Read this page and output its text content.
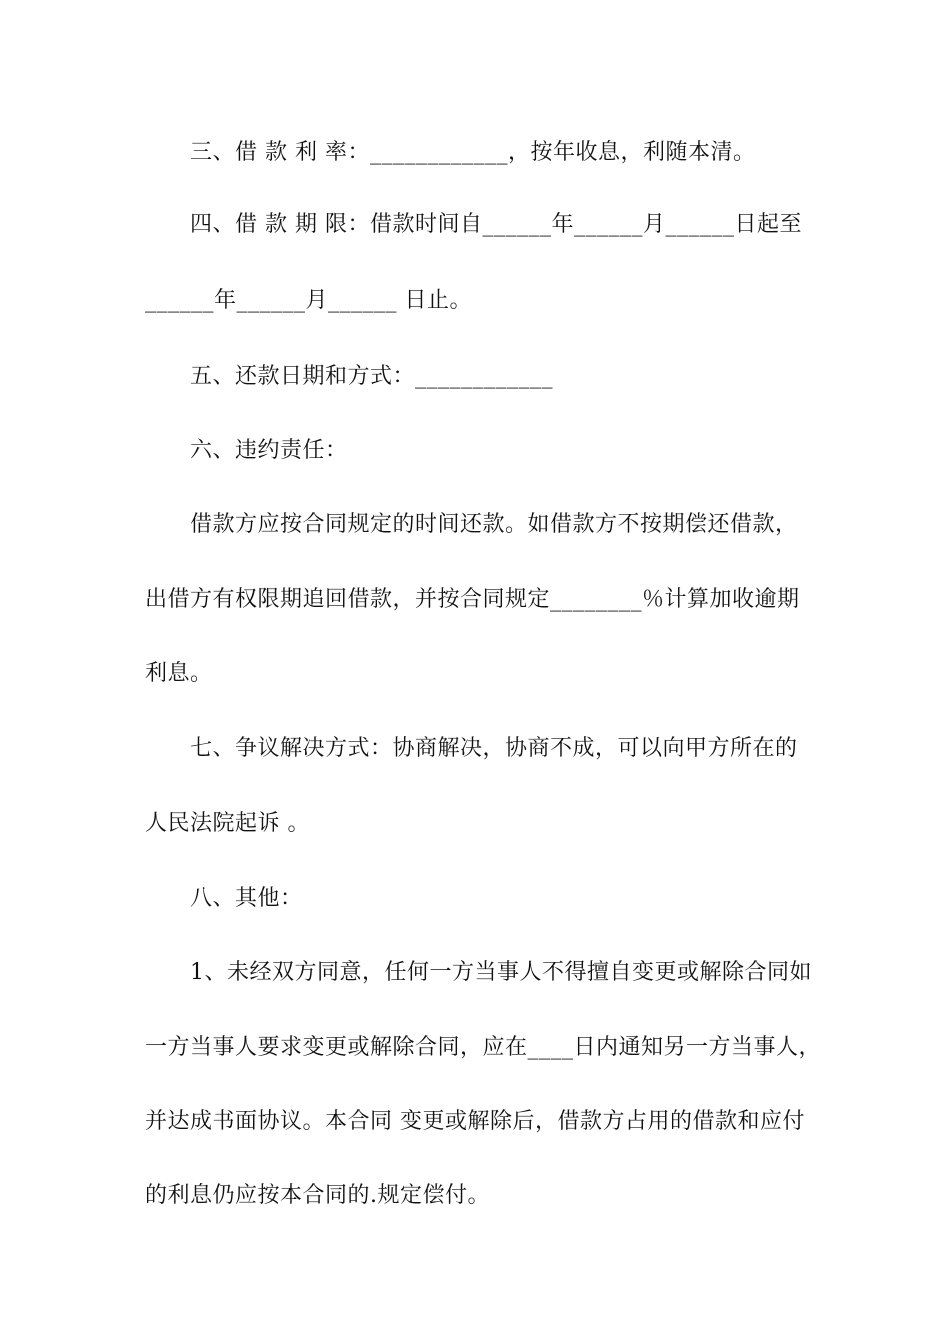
三、借 款 利 率：____________，按年收息，利随本清。
四、借 款 期 限：借款时间自______年______月______日起至
______年______月______ 日止。
五、还款日期和方式：____________
六、违约责任：
借款方应按合同规定的时间还款。如借款方不按期偿还借款，
出借方有权限期追回借款，并按合同规定________％计算加收逾期
利息。
七、争议解决方式：协商解决，协商不成，可以向甲方所在的
人民法院起诉 。
八、其他：
1、未经双方同意，任何一方当事人不得擅自变更或解除合同如
一方当事人要求变更或解除合同，应在____日内通知另一方当事人，
并达成书面协议。本合同 变更或解除后，借款方占用的借款和应付
的利息仍应按本合同的.规定偿付。
